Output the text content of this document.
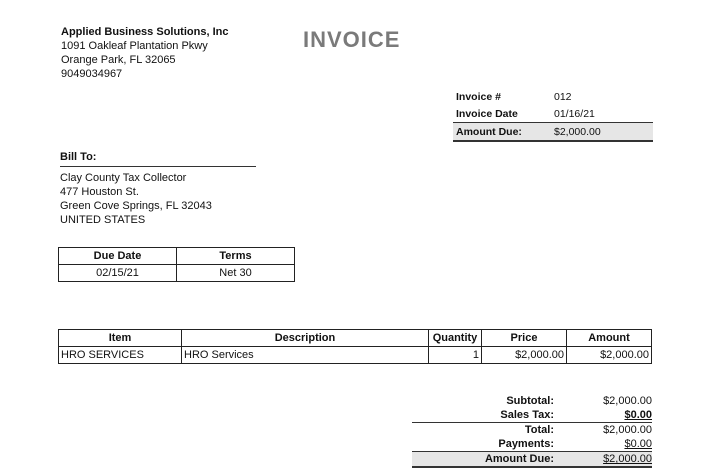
Applied Business Solutions, Inc
1091 Oakleaf Plantation Pkwy
Orange Park, FL 32065
9049034967
INVOICE
Invoice #	012
Invoice Date	01/16/21
Amount Due:	$2,000.00
Bill To:
Clay County Tax Collector
477 Houston St.
Green Cove Springs, FL 32043
UNITED STATES
Due Date	Terms
02/15/21	Net 30
Item	Description	Quantity	Price	Amount
HRO SERVICES	HRO Services	1	$2,000.00	$2,000.00
Subtotal:	$2,000.00
Sales Tax:	$0.00
Total:	$2,000.00
Payments:	$0.00
Amount Due:	$2,000.00
